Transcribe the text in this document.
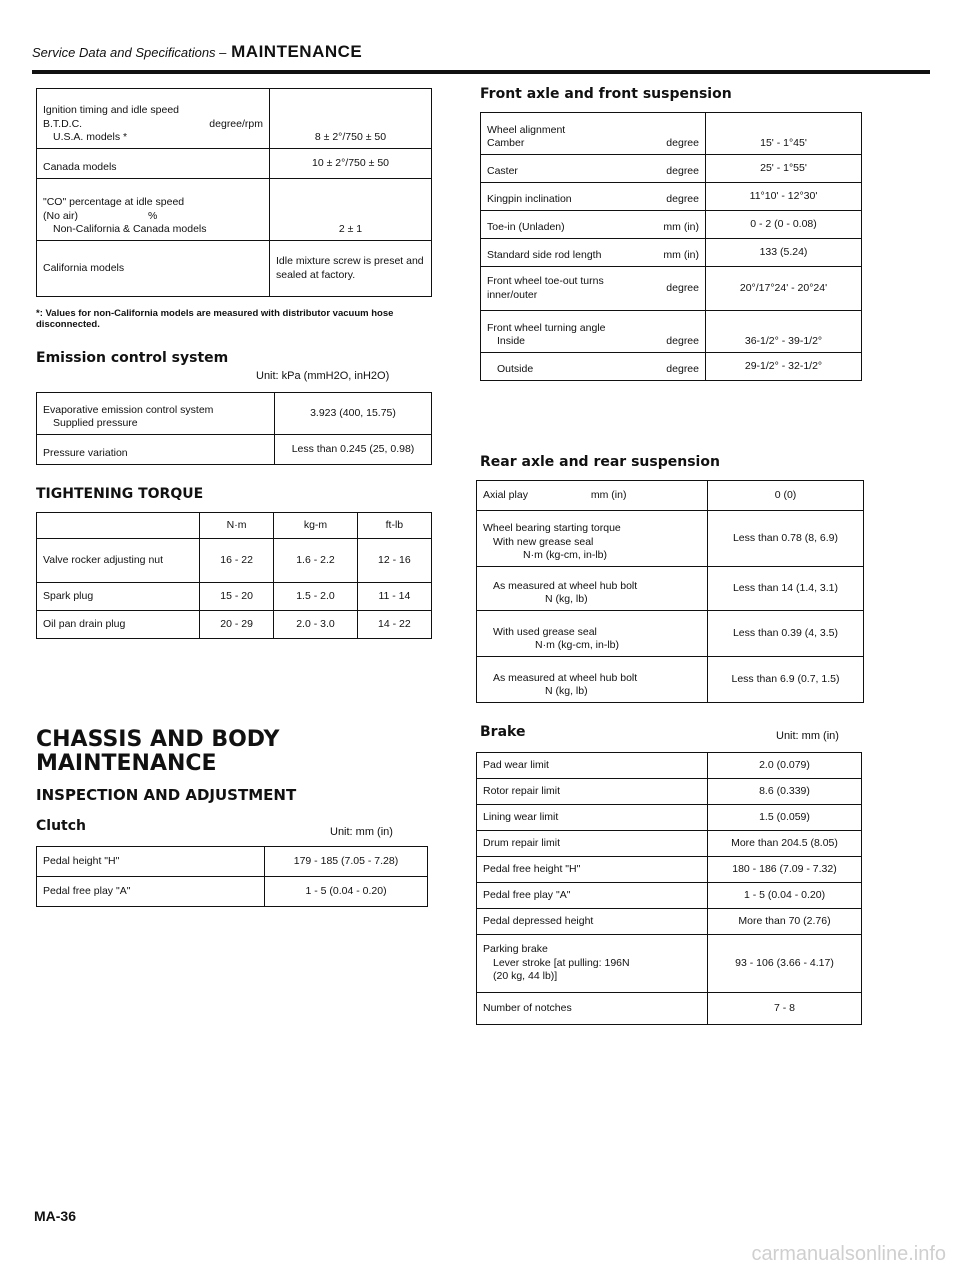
Service Data and Specifications – MAINTENANCE
Ignition timing and idle speed
B.T.D.C. degree/rpm
U.S.A. models *	8 ± 2°/750 ± 50

Canada models	10 ± 2°/750 ± 50

"CO" percentage at idle speed
(No air) %
Non-California & Canada models	2 ± 1

California models	Idle mixture screw is preset and sealed at factory.
*: Values for non-California models are measured with distributor vacuum hose disconnected.
Emission control system
Unit: kPa (mmH2O, inH2O)
Evaporative emission control system
Supplied pressure	3.923 (400, 15.75)

Pressure variation	Less than 0.245 (25, 0.98)
TIGHTENING TORQUE
	N·m	kg-m	ft-lb
Valve rocker adjusting nut	16 - 22	1.6 - 2.2	12 - 16
Spark plug	15 - 20	1.5 - 2.0	11 - 14
Oil pan drain plug	20 - 29	2.0 - 3.0	14 - 22
CHASSIS AND BODY
MAINTENANCE
INSPECTION AND ADJUSTMENT
Clutch	Unit: mm (in)
Pedal height "H"	179 - 185 (7.05 - 7.28)
Pedal free play "A"	1 - 5 (0.04 - 0.20)
Front axle and front suspension
Wheel alignment
Camber degree	15' - 1°45'

Caster degree	25' - 1°55'

Kingpin inclination degree	11°10' - 12°30'

Toe-in (Unladen) mm (in)	0 - 2 (0 - 0.08)

Standard side rod length mm (in)	133 (5.24)

Front wheel toe-out turns
inner/outer
degree	20°/17°24' - 20°24'

Front wheel turning angle
Inside degree	36-1/2° - 39-1/2°

Outside degree	29-1/2° - 32-1/2°
Rear axle and rear suspension
Axial play mm (in)	0 (0)

Wheel bearing starting torque
With new grease seal
N·m (kg-cm, in-lb)	Less than 0.78 (8, 6.9)

As measured at wheel hub bolt
N (kg, lb)	Less than 14 (1.4, 3.1)

With used grease seal
N·m (kg-cm, in-lb)	Less than 0.39 (4, 3.5)

As measured at wheel hub bolt
N (kg, lb)	Less than 6.9 (0.7, 1.5)
Brake	Unit: mm (in)
Pad wear limit	2.0 (0.079)
Rotor repair limit	8.6 (0.339)
Lining wear limit	1.5 (0.059)
Drum repair limit	More than 204.5 (8.05)
Pedal free height "H"	180 - 186 (7.09 - 7.32)
Pedal free play "A"	1 - 5 (0.04 - 0.20)
Pedal depressed height	More than 70 (2.76)

Parking brake
Lever stroke [at pulling: 196N
(20 kg, 44 lb)]	93 - 106 (3.66 - 4.17)
Number of notches	7 - 8
MA-36
carmanualsonline.info
